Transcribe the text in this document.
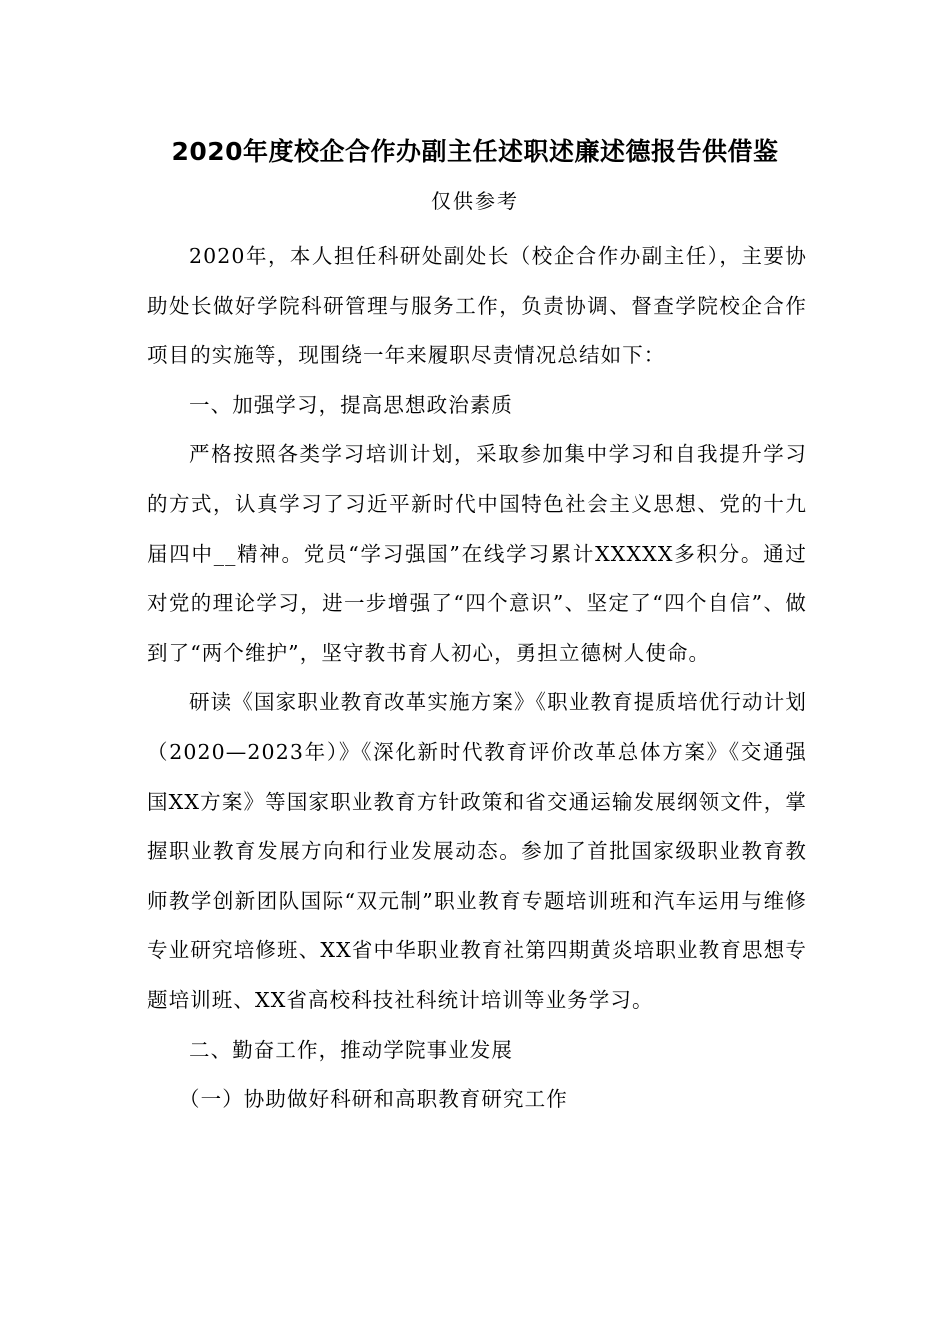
2020年度校企合作办副主任述职述廉述德报告供借鉴
仅供参考

2020年，本人担任科研处副处长（校企合作办副主任），主要协助处长做好学院科研管理与服务工作，负责协调、督查学院校企合作项目的实施等，现围绕一年来履职尽责情况总结如下：

一、加强学习，提高思想政治素质

严格按照各类学习培训计划，采取参加集中学习和自我提升学习的方式，认真学习了习近平新时代中国特色社会主义思想、党的十九届四中__精神。党员“学习强国”在线学习累计XXXXX多积分。通过对党的理论学习，进一步增强了“四个意识”、坚定了“四个自信”、做到了“两个维护”，坚守教书育人初心，勇担立德树人使命。

研读《国家职业教育改革实施方案》《职业教育提质培优行动计划（2020—2023年）》《深化新时代教育评价改革总体方案》《交通强国XX方案》等国家职业教育方针政策和省交通运输发展纲领文件，掌握职业教育发展方向和行业发展动态。参加了首批国家级职业教育教师教学创新团队国际“双元制”职业教育专题培训班和汽车运用与维修专业研究培修班、XX省中华职业教育社第四期黄炎培职业教育思想专题培训班、XX省高校科技社科统计培训等业务学习。

二、勤奋工作，推动学院事业发展

（一）协助做好科研和高职教育研究工作
